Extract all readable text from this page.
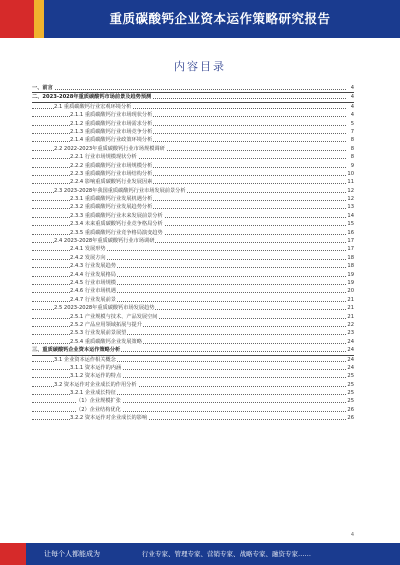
重质碳酸钙企业资本运作策略研究报告
内容目录
一、前言	4
二、2023-2028年重质碳酸钙市场前景及趋势预测	4
2.1 重质碳酸钙行业宏观环境分析	4
2.1.1 重质碳酸钙行业市场现状分析	4
2.1.2 重质碳酸钙行业市场需求分析	5
2.1.3 重质碳酸钙行业市场竞争分析	7
2.1.4 重质碳酸钙行业政策环境分析	8
2.2 2022-2023年重质碳酸钙行业市场规模调研	8
2.2.1 行业市场规模现状分析	8
2.2.2 重质碳酸钙行业市场规模分析	9
2.2.3 重质碳酸钙行业市场结构分析	10
2.2.4 影响重质碳酸钙行业发展因素	11
2.3 2023-2028年我国重质碳酸钙行业市场发展前景分析	12
2.3.1 重质碳酸钙行业发展机遇分析	12
2.3.2 重质碳酸钙行业发展趋势分析	13
2.3.3 重质碳酸钙行业未来发展前景分析	14
2.3.4 未来重质碳酸钙行业竞争格局分析	15
2.3.5 重质碳酸钙行业竞争格局演变趋势	16
2.4 2023-2028年重质碳酸钙行业市场调研	17
2.4.1 发展形势	17
2.4.2 发展方向	18
2.4.3 行业发展趋势	18
2.4.4 行业发展格局	19
2.4.5 行业市场规模	19
2.4.6 行业市场机遇	20
2.4.7 行业发展前景	21
2.5 2023-2028年重质碳酸钙市场发展趋势	21
2.5.1 产业规模与技术、产品发展空间	21
2.5.2 产品应用领域拓展与提升	22
2.5.3 行业发展前景展望	23
2.5.4 重质碳酸钙企业发展策略	24
三、重质碳酸钙企业资本运作策略分析	24
3.1 企业资本运作相关概念	24
3.1.1 资本运作的内涵	24
3.1.2 资本运作的特点	25
3.2 资本运作对企业成长的作用分析	25
3.2.1 企业成长特征	25
（1）企业规模扩张	25
（2）企业结构优化	26
3.2.2 资本运作对企业成长的影响	26
4
让每个人都能成为	行业专家、管理专家、营销专家、战略专家、融资专家……
